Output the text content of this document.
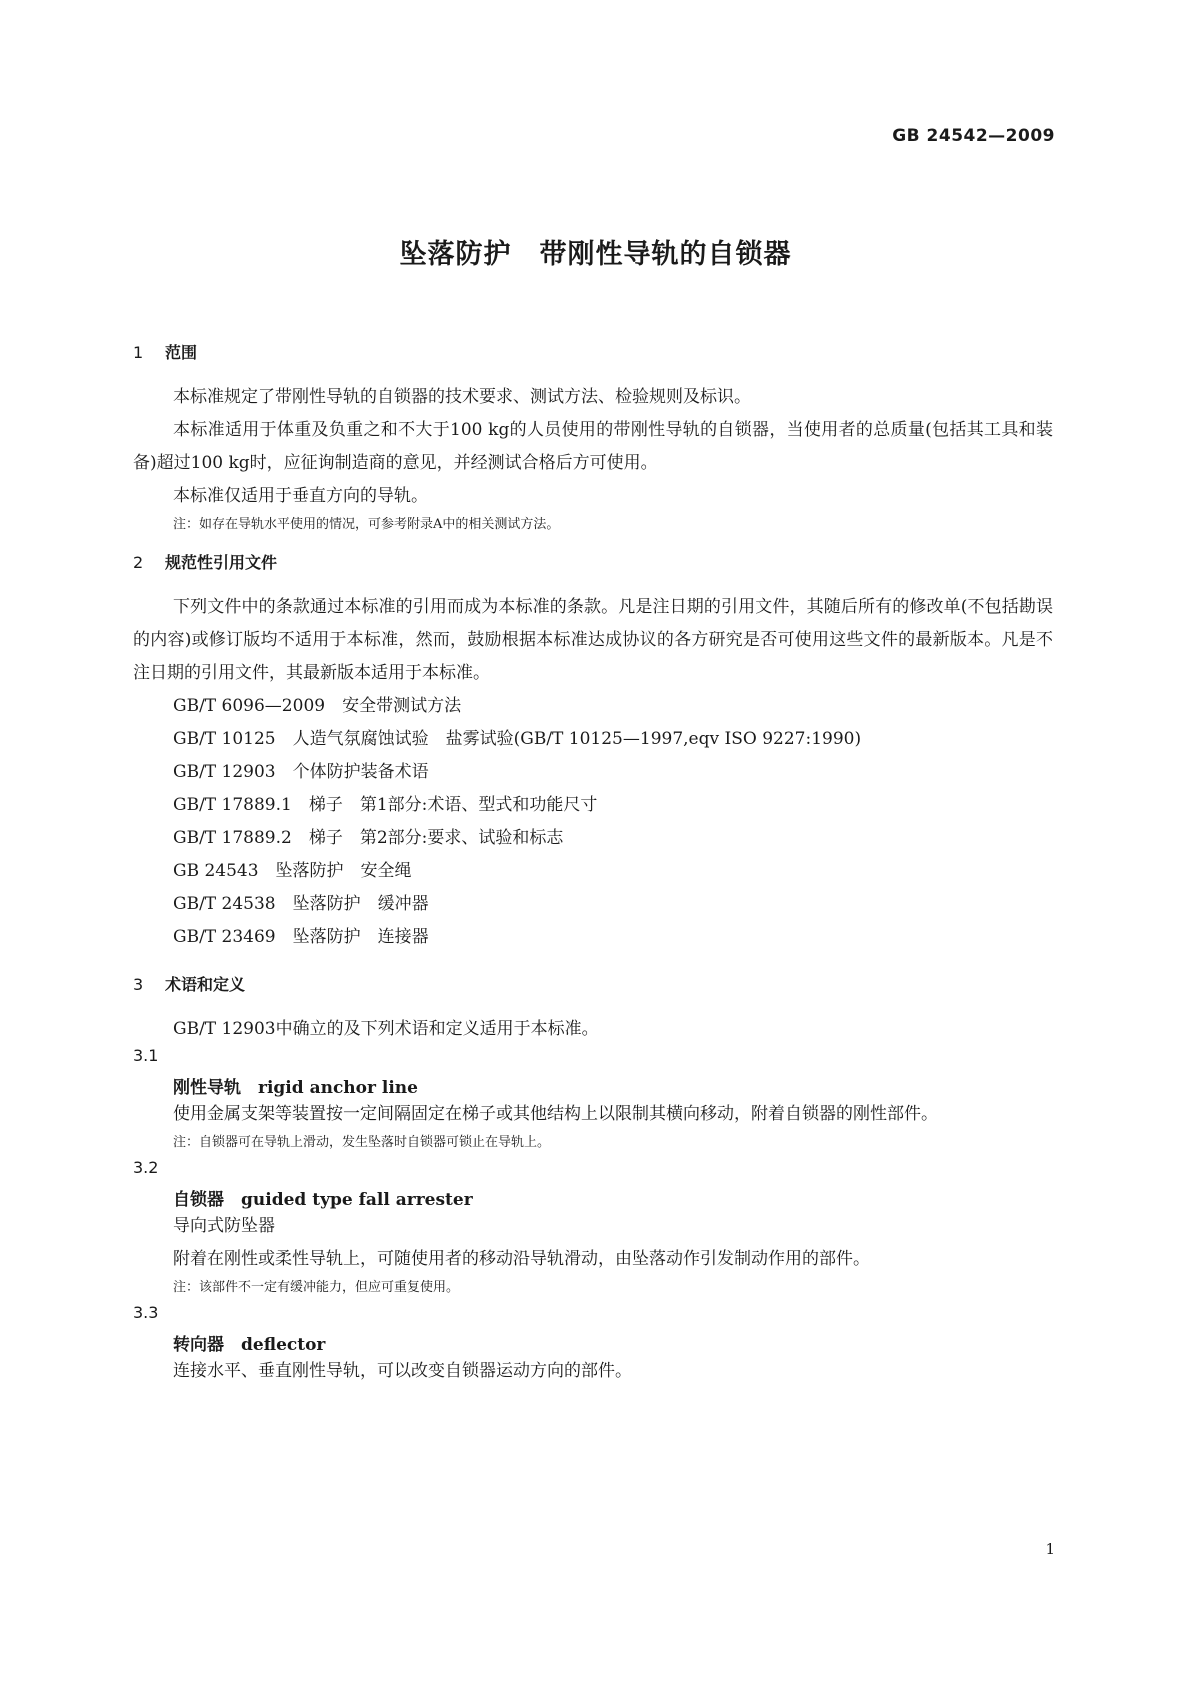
GB 24542—2009
坠落防护　带刚性导轨的自锁器
1 范围
本标准规定了带刚性导轨的自锁器的技术要求、测试方法、检验规则及标识。
本标准适用于体重及负重之和不大于100 kg的人员使用的带刚性导轨的自锁器，当使用者的总质量(包括其工具和装备)超过100 kg时，应征询制造商的意见，并经测试合格后方可使用。
本标准仅适用于垂直方向的导轨。
注：如存在导轨水平使用的情况，可参考附录A中的相关测试方法。
2 规范性引用文件
下列文件中的条款通过本标准的引用而成为本标准的条款。凡是注日期的引用文件，其随后所有的修改单(不包括勘误的内容)或修订版均不适用于本标准，然而，鼓励根据本标准达成协议的各方研究是否可使用这些文件的最新版本。凡是不注日期的引用文件，其最新版本适用于本标准。
GB/T 6096—2009　安全带测试方法
GB/T 10125　人造气氛腐蚀试验　盐雾试验(GB/T 10125—1997,eqv ISO 9227:1990)
GB/T 12903　个体防护装备术语
GB/T 17889.1　梯子　第1部分:术语、型式和功能尺寸
GB/T 17889.2　梯子　第2部分:要求、试验和标志
GB 24543　坠落防护　安全绳
GB/T 24538　坠落防护　缓冲器
GB/T 23469　坠落防护　连接器
3 术语和定义
GB/T 12903中确立的及下列术语和定义适用于本标准。
3.1
刚性导轨　 rigid anchor line
使用金属支架等装置按一定间隔固定在梯子或其他结构上以限制其横向移动，附着自锁器的刚性部件。
注：自锁器可在导轨上滑动，发生坠落时自锁器可锁止在导轨上。
3.2
自锁器　 guided type fall arrester
导向式防坠器
附着在刚性或柔性导轨上，可随使用者的移动沿导轨滑动，由坠落动作引发制动作用的部件。
注：该部件不一定有缓冲能力，但应可重复使用。
3.3
转向器　 deflector
连接水平、垂直刚性导轨，可以改变自锁器运动方向的部件。
1
